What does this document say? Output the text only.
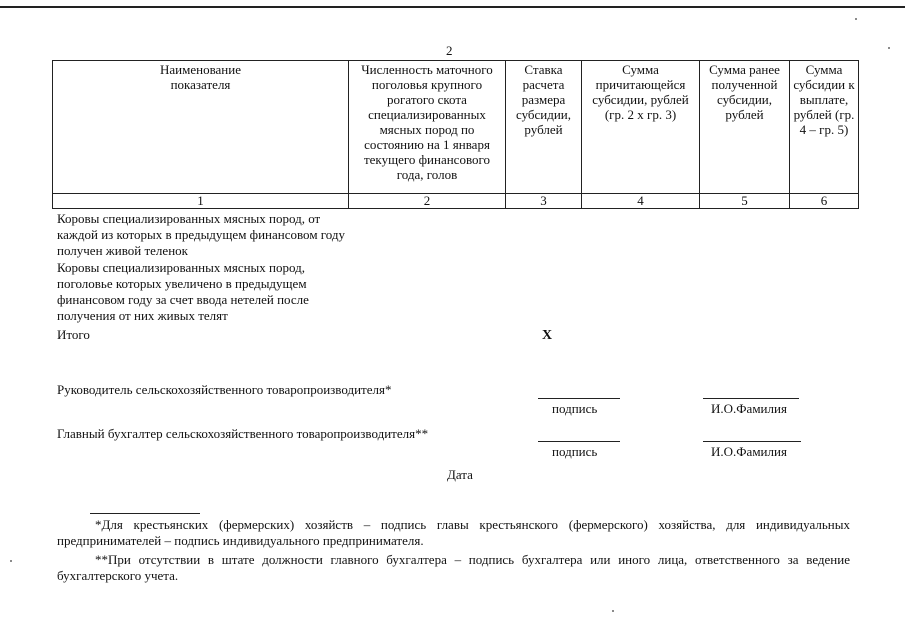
2
Наименование показателя	Численность маточного поголовья крупного рогатого скота специализированных мясных пород по состоянию на 1 января текущего финансового года, голов	Ставка расчета размера субсидии, рублей	Сумма причитающейся субсидии, рублей (гр. 2 х гр. 3)	Сумма ранее полученной субсидии, рублей	Сумма субсидии к выплате, рублей (гр. 4 – гр. 5)
1	2	3	4	5	6
Коровы специализированных мясных пород, от каждой из которых в предыдущем финансовом году получен живой теленок
Коровы специализированных мясных пород, поголовье которых увеличено в предыдущем финансовом году за счет ввода нетелей после получения от них живых телят
Итого	X
Руководитель сельскохозяйственного товаропроизводителя*
подпись	И.О.Фамилия
Главный бухгалтер сельскохозяйственного товаропроизводителя**
подпись	И.О.Фамилия
Дата
*Для крестьянских (фермерских) хозяйств – подпись главы крестьянского (фермерского) хозяйства, для индивидуальных предпринимателей – подпись индивидуального предпринимателя.
**При отсутствии в штате должности главного бухгалтера – подпись бухгалтера или иного лица, ответственного за ведение бухгалтерского учета.
